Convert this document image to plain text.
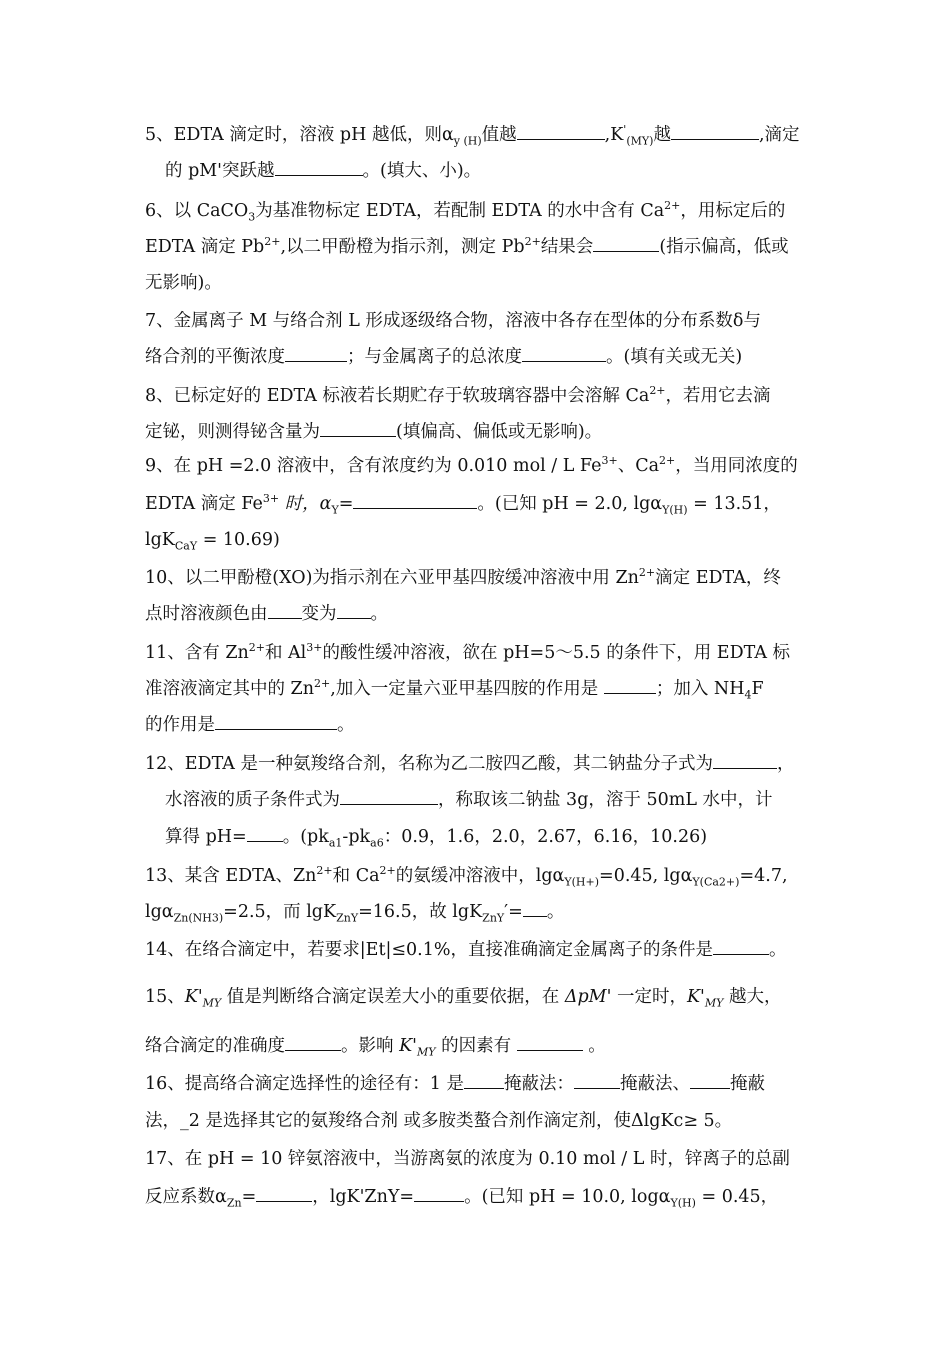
5、EDTA 滴定时，溶液 pH 越低，则$\alpha_{y (H)}$值越	$,K'_{(MY)}$越	,滴定
的 pM'突跃越	。(填大、小)。
6、以 CaCO$_3$为基准物标定 EDTA，若配制 EDTA 的水中含有 $Ca^{2+}$，用标定后的
EDTA 滴定 $Pb^{2+}$,以二甲酚橙为指示剂，测定 $Pb^{2+}$结果会	(指示偏高，低或
无影响)。
7、金属离子 M 与络合剂 L 形成逐级络合物，溶液中各存在型体的分布系数δ与
络合剂的平衡浓度	；与金属离子的总浓度	。(填有关或无关)
8、已标定好的 EDTA 标液若长期贮存于软玻璃容器中会溶解 $Ca^{2+}$，若用它去滴
定铋，则测得铋含量为	(填偏高、偏低或无影响)。
9、在 pH =2.0 溶液中，含有浓度约为 0.010 mol / L $Fe^{3+}$、$Ca^{2+}$，当用同浓度的
EDTA 滴定 $Fe^{3+}$ 时，$\alpha_Y=$	。(已知 pH = 2.0, lgα$_{Y(H)}$ = 13.51，
lgK$_{CaY}$ = 10.69)
10、以二甲酚橙(XO)为指示剂在六亚甲基四胺缓冲溶液中用 $Zn^{2+}$滴定 EDTA，终
点时溶液颜色由 变为 。
11、含有 $Zn^{2+}$和 $Al^{3+}$的酸性缓冲溶液，欲在 pH=5～5.5 的条件下，用 EDTA 标
准溶液滴定其中的 $Zn^{2+}$,加入一定量六亚甲基四胺的作用是	；加入 $NH_4F$
的作用是	。
12、EDTA 是一种氨羧络合剂，名称为乙二胺四乙酸，其二钠盐分子式为	，
水溶液的质子条件式为	，称取该二钠盐 3g，溶于 50mL 水中，计
算得 pH= 。($pk_{a1}-pk_{a6}$：0.9，1.6，2.0，2.67，6.16，10.26)
13、某含 EDTA、$Zn^{2+}$和 $Ca^{2+}$的氨缓冲溶液中，lgα$_{Y(H+)}$=0.45, lgα$_{Y(Ca2+)}$=4.7,
lgα$_{Zn(NH3)}$=2.5，而 lgK$_{ZnY}$=16.5，故 lgK$_{ZnY}$′= 。
14、在络合滴定中，若要求|Et|≤0.1%，直接准确滴定金属离子的条件是	。
15、$K'_{MY}$ 值是判断络合滴定误差大小的重要依据，在 ΔpM' 一定时，$K'_{MY}$ 越大，
络合滴定的准确度	。影响 $K'_{MY}$ 的因素有	。
16、提高络合滴定选择性的途径有：1 是 掩蔽法：	掩蔽法、 掩蔽
法，_2 是选择其它的氨羧络合剂 或多胺类螯合剂作滴定剂，使ΔlgKc≥ 5。
17、在 pH = 10 锌氨溶液中，当游离氨的浓度为 0.10 mol / L 时，锌离子的总副
反应系数$\alpha_{Zn}=$	，lgK'ZnY=	。(已知 pH = 10.0, logα$_{Y(H)}$ = 0.45，
